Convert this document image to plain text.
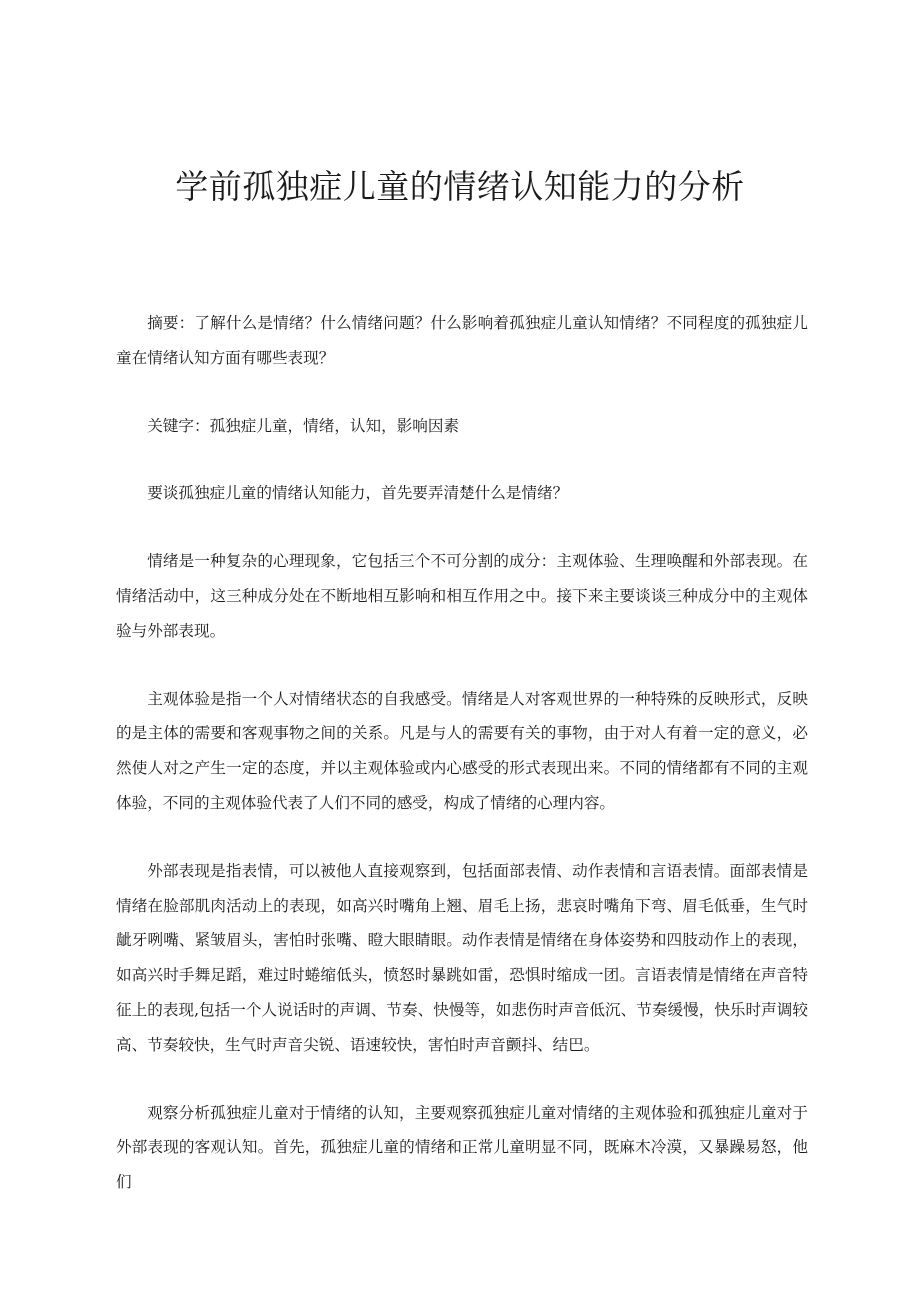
学前孤独症儿童的情绪认知能力的分析

摘要：了解什么是情绪？什么情绪问题？什么影响着孤独症儿童认知情绪？不同程度的孤独症儿童在情绪认知方面有哪些表现？

关键字：孤独症儿童，情绪，认知，影响因素

要谈孤独症儿童的情绪认知能力，首先要弄清楚什么是情绪？

情绪是一种复杂的心理现象，它包括三个不可分割的成分：主观体验、生理唤醒和外部表现。在情绪活动中，这三种成分处在不断地相互影响和相互作用之中。接下来主要谈谈三种成分中的主观体验与外部表现。

主观体验是指一个人对情绪状态的自我感受。情绪是人对客观世界的一种特殊的反映形式，反映的是主体的需要和客观事物之间的关系。凡是与人的需要有关的事物，由于对人有着一定的意义，必然使人对之产生一定的态度，并以主观体验或内心感受的形式表现出来。不同的情绪都有不同的主观体验，不同的主观体验代表了人们不同的感受，构成了情绪的心理内容。

外部表现是指表情，可以被他人直接观察到，包括面部表情、动作表情和言语表情。面部表情是情绪在脸部肌肉活动上的表现，如高兴时嘴角上翘、眉毛上扬，悲哀时嘴角下弯、眉毛低垂，生气时龇牙咧嘴、紧皱眉头，害怕时张嘴、瞪大眼睛眼。动作表情是情绪在身体姿势和四肢动作上的表现，如高兴时手舞足蹈，难过时蜷缩低头，愤怒时暴跳如雷，恐惧时缩成一团。言语表情是情绪在声音特征上的表现,包括一个人说话时的声调、节奏、快慢等，如悲伤时声音低沉、节奏缓慢，快乐时声调较高、节奏较快，生气时声音尖锐、语速较快，害怕时声音颤抖、结巴。

观察分析孤独症儿童对于情绪的认知，主要观察孤独症儿童对情绪的主观体验和孤独症儿童对于外部表现的客观认知。首先，孤独症儿童的情绪和正常儿童明显不同，既麻木冷漠，又暴躁易怒，他们
